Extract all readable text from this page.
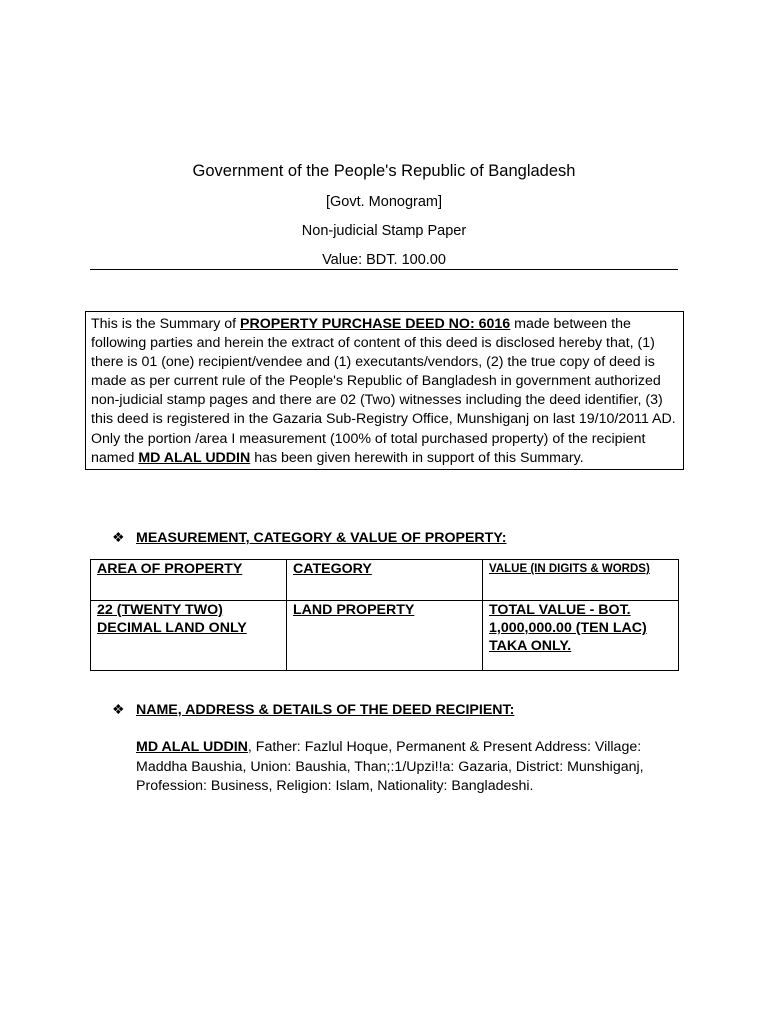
Government of the People's Republic of Bangladesh
[Govt. Monogram]
Non-judicial Stamp Paper
Value: BDT. 100.00
This is the Summary of PROPERTY PURCHASE DEED NO: 6016 made between the following parties and herein the extract of content of this deed is disclosed hereby that, (1) there is 01 (one) recipient/vendee and (1) executants/vendors, (2) the true copy of deed is made as per current rule of the People's Republic of Bangladesh in government authorized non-judicial stamp pages and there are 02 (Two) witnesses including the deed identifier, (3) this deed is registered in the Gazaria Sub-Registry Office, Munshiganj on last 19/10/2011 AD. Only the portion /area I measurement (100% of total purchased property) of the recipient named MD ALAL UDDIN has been given herewith in support of this Summary.
❖ MEASUREMENT, CATEGORY & VALUE OF PROPERTY:
AREA OF PROPERTY	CATEGORY	VALUE (IN DIGITS & WORDS)
22 (TWENTY TWO) DECIMAL LAND ONLY	LAND PROPERTY	TOTAL VALUE - BOT. 1,000,000.00 (TEN LAC) TAKA ONLY.
❖ NAME, ADDRESS & DETAILS OF THE DEED RECIPIENT:
MD ALAL UDDIN, Father: Fazlul Hoque, Permanent & Present Address: Village: Maddha Baushia, Union: Baushia, Than;:1/Upzi!!a: Gazaria, District: Munshiganj, Profession: Business, Religion: Islam, Nationality: Bangladeshi.
